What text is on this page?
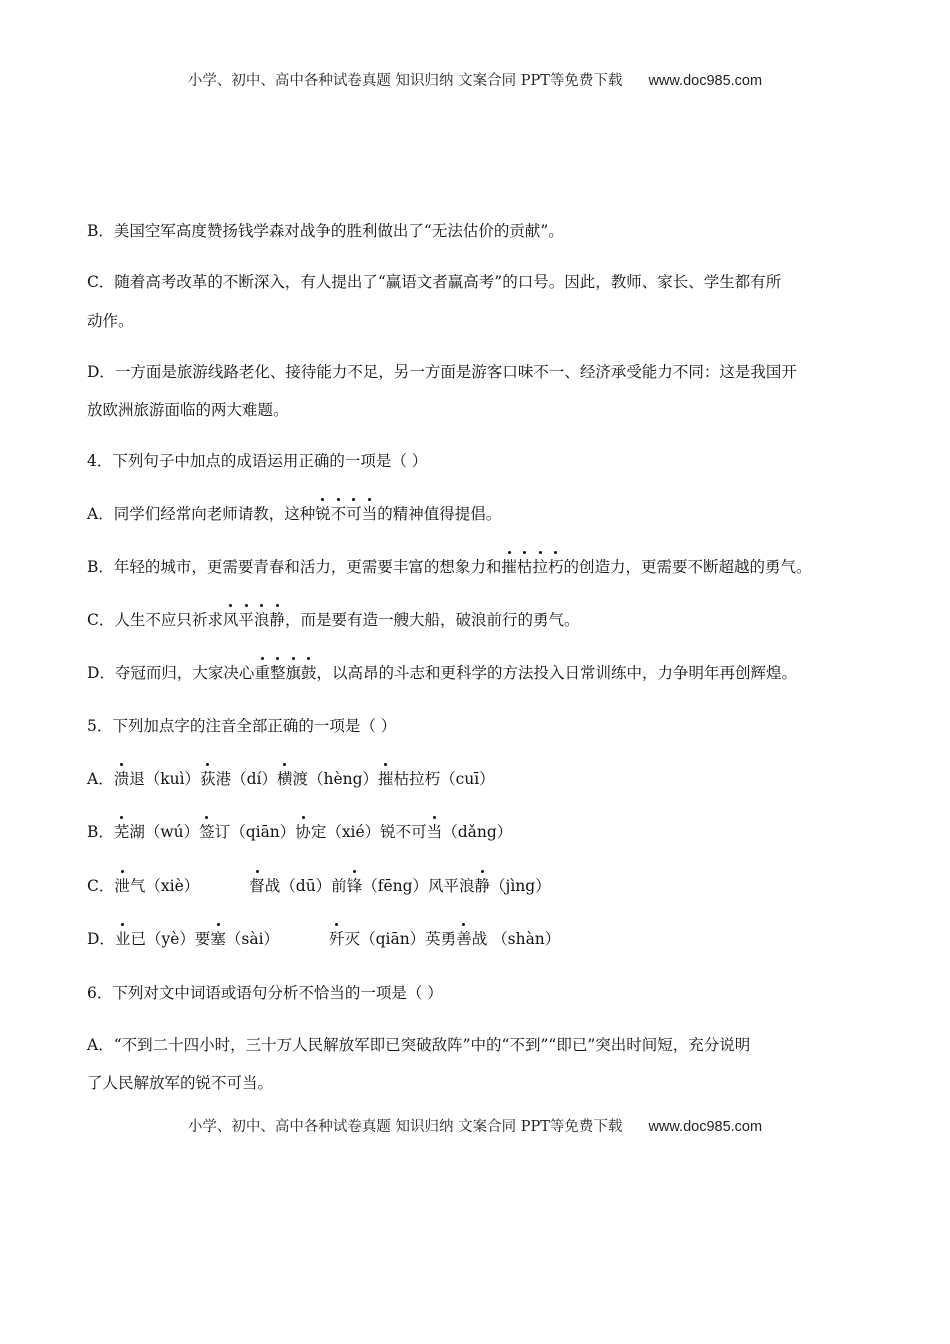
小学、初中、高中各种试卷真题 知识归纳 文案合同 PPT等免费下载 www.doc985.com
B．美国空军高度赞扬钱学森对战争的胜利做出了“无法估价的贡献”。
C．随着高考改革的不断深入，有人提出了“赢语文者赢高考”的口号。因此，教师、家长、学生都有所
动作。
D．一方面是旅游线路老化、接待能力不足，另一方面是游客口味不一、经济承受能力不同：这是我国开
放欧洲旅游面临的两大难题。
4．下列句子中加点的成语运用正确的一项是（ ）
A．同学们经常向老师请教，这种锐不可当的精神值得提倡。
B．年轻的城市，更需要青春和活力，更需要丰富的想象力和摧枯拉朽的创造力，更需要不断超越的勇气。
C．人生不应只祈求风平浪静，而是要有造一艘大船，破浪前行的勇气。
D．夺冠而归，大家决心重整旗鼓，以高昂的斗志和更科学的方法投入日常训练中，力争明年再创辉煌。
5．下列加点字的注音全部正确的一项是（ ）
A．溃退（kuì）荻港（dí）横渡（hèng）摧枯拉朽（cuī）
B．芜湖（wú）签订（qiān）协定（xié）锐不可当（dǎng）
C．泄气（xiè）	督战（dū）前锋（fēng）风平浪静（jìng）
D．业已（yè）要塞（sài）	歼灭（qiān）英勇善战 （shàn）
6．下列对文中词语或语句分析不恰当的一项是（ ）
A．“不到二十四小时，三十万人民解放军即已突破敌阵”中的“不到”“即已”突出时间短，充分说明
了人民解放军的锐不可当。
小学、初中、高中各种试卷真题 知识归纳 文案合同 PPT等免费下载 www.doc985.com
